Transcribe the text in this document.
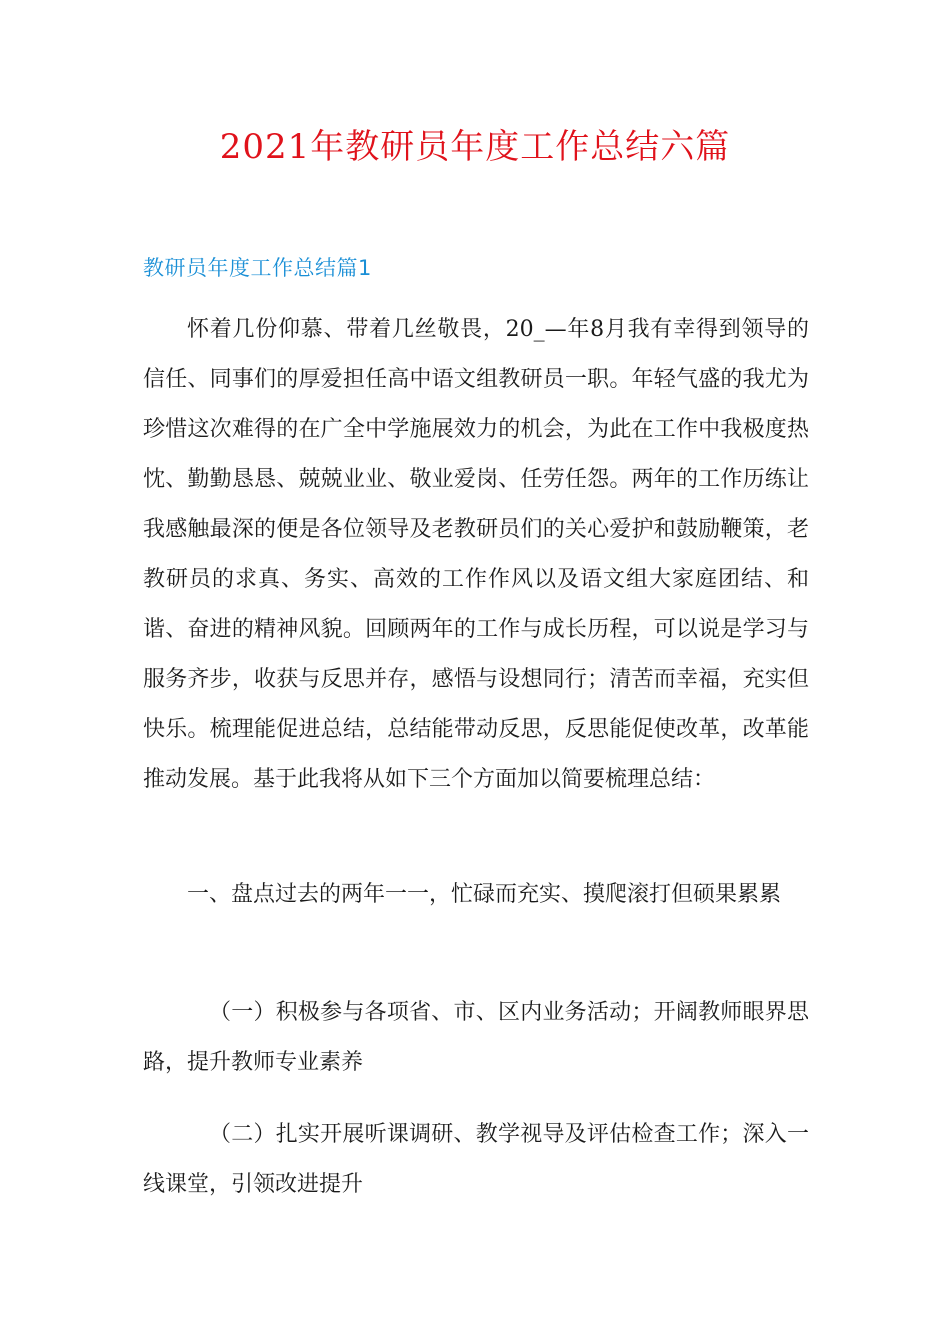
2021年教研员年度工作总结六篇
教研员年度工作总结篇1

怀着几份仰慕、带着几丝敬畏，20_—年8月我有幸得到领导的信任、同事们的厚爱担任高中语文组教研员一职。年轻气盛的我尤为珍惜这次难得的在广全中学施展效力的机会，为此在工作中我极度热忱、勤勤恳恳、兢兢业业、敬业爱岗、任劳任怨。两年的工作历练让我感触最深的便是各位领导及老教研员们的关心爱护和鼓励鞭策，老教研员的求真、务实、高效的工作作风以及语文组大家庭团结、和谐、奋进的精神风貌。回顾两年的工作与成长历程，可以说是学习与服务齐步，收获与反思并存，感悟与设想同行；清苦而幸福，充实但快乐。梳理能促进总结，总结能带动反思，反思能促使改革，改革能推动发展。基于此我将从如下三个方面加以简要梳理总结：

一、盘点过去的两年一一，忙碌而充实、摸爬滚打但硕果累累

（一）积极参与各项省、市、区内业务活动；开阔教师眼界思路，提升教师专业素养

（二）扎实开展听课调研、教学视导及评估检查工作；深入一线课堂，引领改进提升
